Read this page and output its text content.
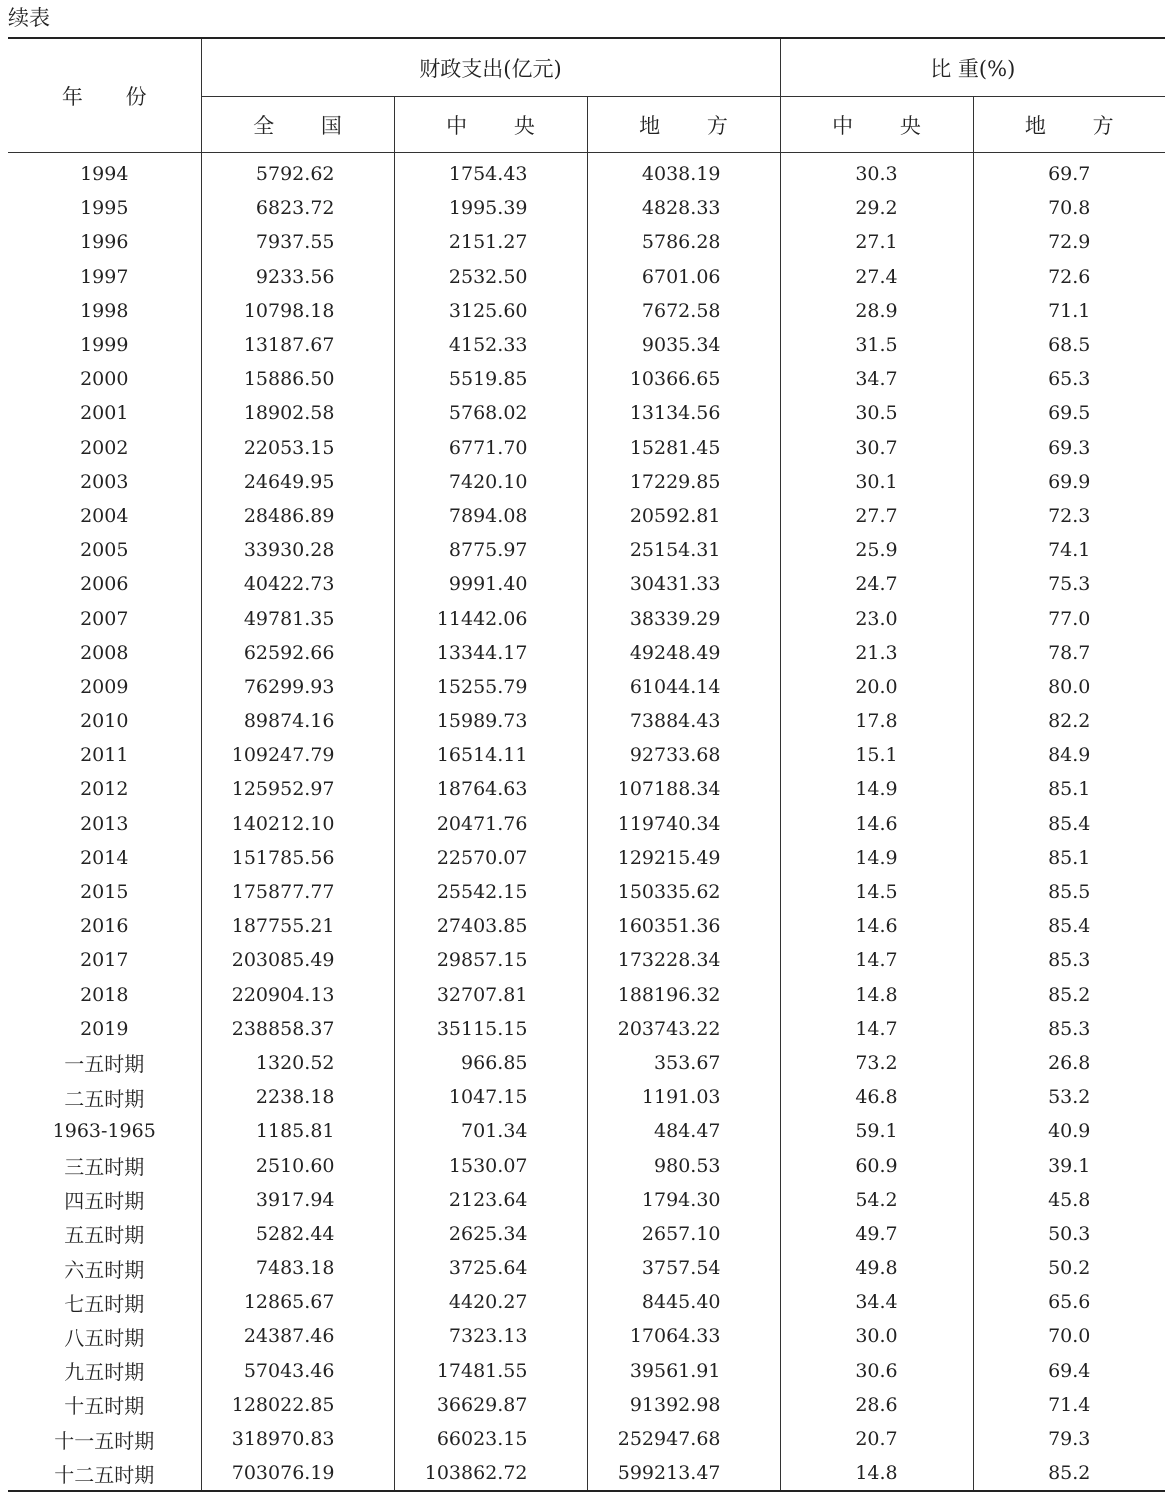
续表
年 份	财政支出(亿元)			比 重(%)	
	全 国	中 央	地 方	中 央	地 方
1994	5792.62	1754.43	4038.19	30.3	69.7
1995	6823.72	1995.39	4828.33	29.2	70.8
1996	7937.55	2151.27	5786.28	27.1	72.9
1997	9233.56	2532.50	6701.06	27.4	72.6
1998	10798.18	3125.60	7672.58	28.9	71.1
1999	13187.67	4152.33	9035.34	31.5	68.5
2000	15886.50	5519.85	10366.65	34.7	65.3
2001	18902.58	5768.02	13134.56	30.5	69.5
2002	22053.15	6771.70	15281.45	30.7	69.3
2003	24649.95	7420.10	17229.85	30.1	69.9
2004	28486.89	7894.08	20592.81	27.7	72.3
2005	33930.28	8775.97	25154.31	25.9	74.1
2006	40422.73	9991.40	30431.33	24.7	75.3
2007	49781.35	11442.06	38339.29	23.0	77.0
2008	62592.66	13344.17	49248.49	21.3	78.7
2009	76299.93	15255.79	61044.14	20.0	80.0
2010	89874.16	15989.73	73884.43	17.8	82.2
2011	109247.79	16514.11	92733.68	15.1	84.9
2012	125952.97	18764.63	107188.34	14.9	85.1
2013	140212.10	20471.76	119740.34	14.6	85.4
2014	151785.56	22570.07	129215.49	14.9	85.1
2015	175877.77	25542.15	150335.62	14.5	85.5
2016	187755.21	27403.85	160351.36	14.6	85.4
2017	203085.49	29857.15	173228.34	14.7	85.3
2018	220904.13	32707.81	188196.32	14.8	85.2
2019	238858.37	35115.15	203743.22	14.7	85.3
一五时期	1320.52	966.85	353.67	73.2	26.8
二五时期	2238.18	1047.15	1191.03	46.8	53.2
1963-1965	1185.81	701.34	484.47	59.1	40.9
三五时期	2510.60	1530.07	980.53	60.9	39.1
四五时期	3917.94	2123.64	1794.30	54.2	45.8
五五时期	5282.44	2625.34	2657.10	49.7	50.3
六五时期	7483.18	3725.64	3757.54	49.8	50.2
七五时期	12865.67	4420.27	8445.40	34.4	65.6
八五时期	24387.46	7323.13	17064.33	30.0	70.0
九五时期	57043.46	17481.55	39561.91	30.6	69.4
十五时期	128022.85	36629.87	91392.98	28.6	71.4
十一五时期	318970.83	66023.15	252947.68	20.7	79.3
十二五时期	703076.19	103862.72	599213.47	14.8	85.2
